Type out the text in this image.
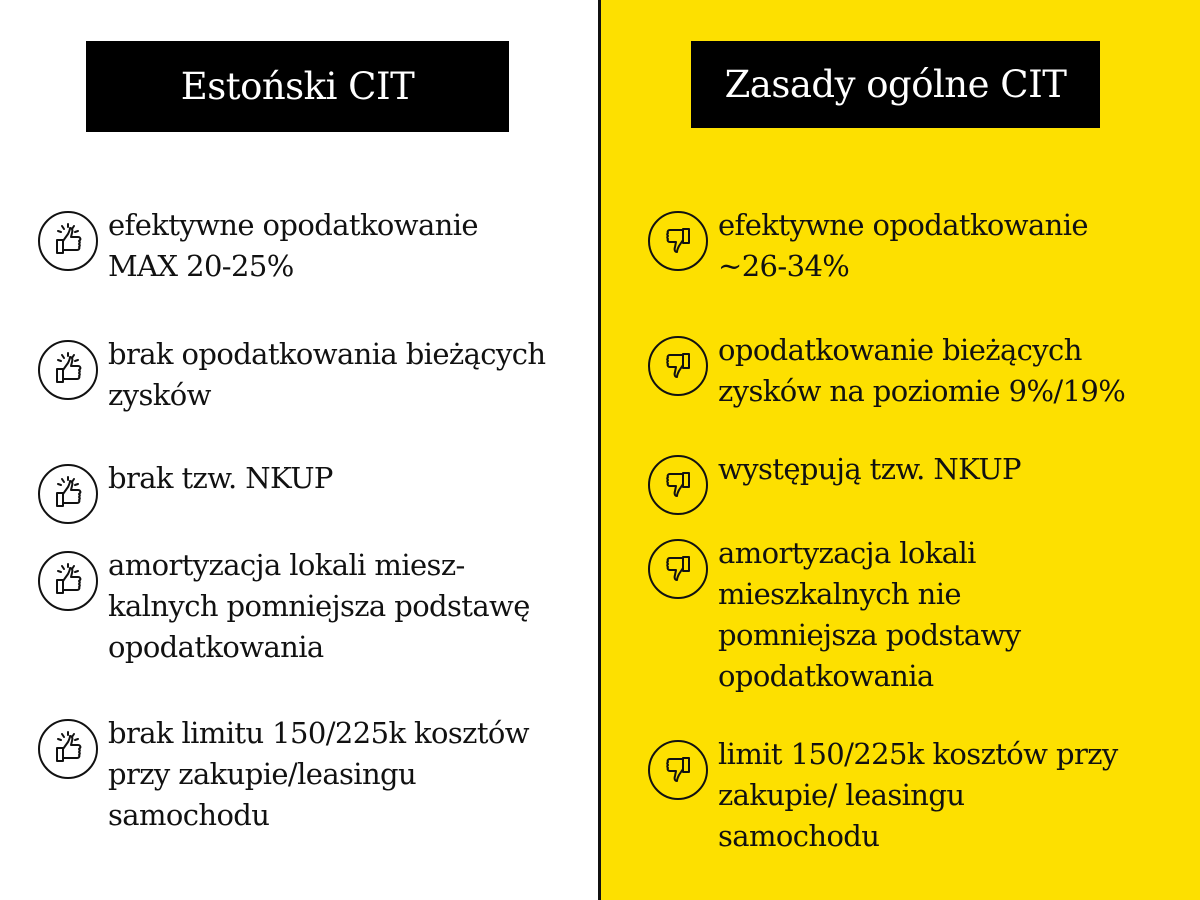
Estoński CIT	Zasady ogólne CIT
efektywne opodatkowanie
MAX 20-25%
brak opodatkowania bieżących
zysków
brak tzw. NKUP
amortyzacja lokali miesz-
kalnych pomniejsza podstawę
opodatkowania
brak limitu 150/225k kosztów
przy zakupie/leasingu
samochodu
efektywne opodatkowanie
~26-34%
opodatkowanie bieżących
zysków na poziomie 9%/19%
występują tzw. NKUP
amortyzacja lokali
mieszkalnych nie
pomniejsza podstawy
opodatkowania
limit 150/225k kosztów przy
zakupie/ leasingu
samochodu
